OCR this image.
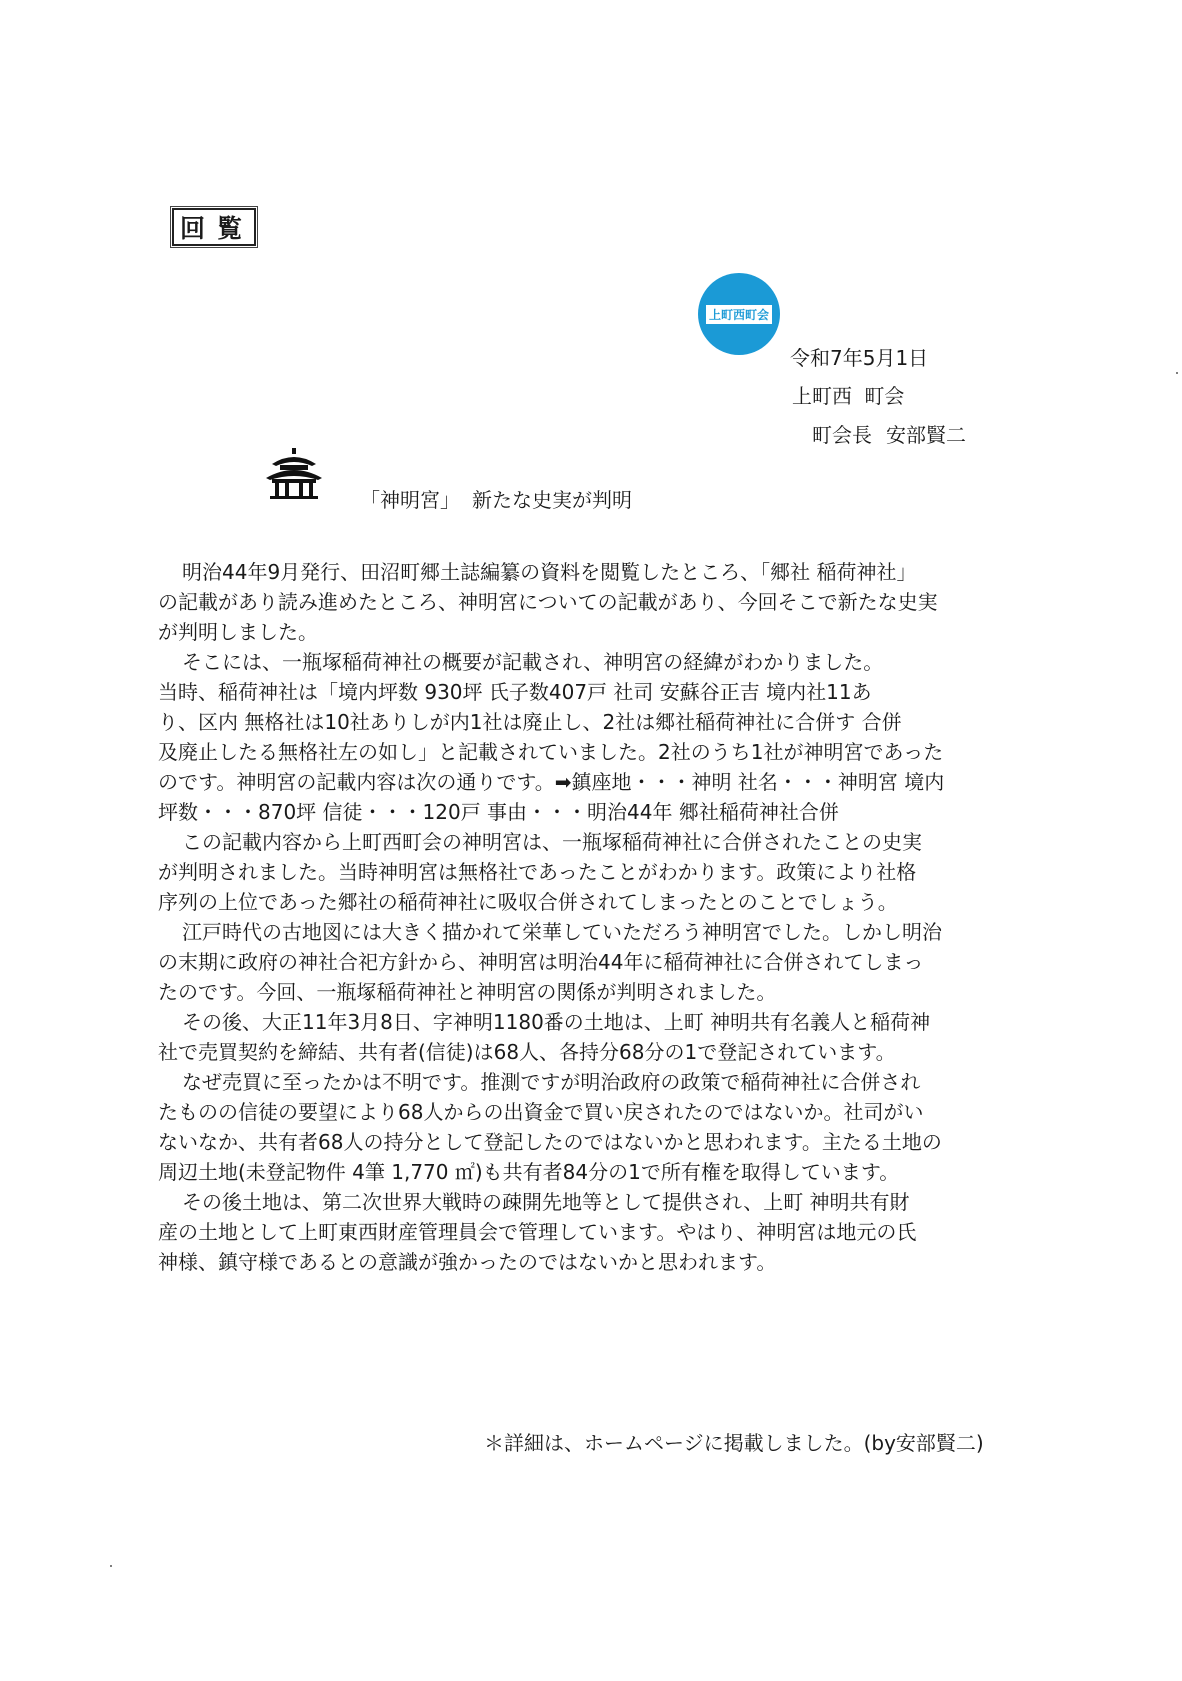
回覧
上町西町会
令和7年5月1日
上町西 町会
町会長 安部賢二
「神明宮」 新たな史実が判明

明治44年9月発行、田沼町郷土誌編纂の資料を閲覧したところ、「郷社 稲荷神社」

の記載があり読み進めたところ、神明宮についての記載があり、今回そこで新たな史実

が判明しました。

そこには、一瓶塚稲荷神社の概要が記載され、神明宮の経緯がわかりました。

当時、稲荷神社は「境内坪数 930坪 氏子数407戸 社司 安蘇谷正吉 境内社11あ

り、区内 無格社は10社ありしが内1社は廃止し、2社は郷社稲荷神社に合併す 合併

及廃止したる無格社左の如し」と記載されていました。2社のうち1社が神明宮であった

のです。神明宮の記載内容は次の通りです。➡鎮座地・・・神明 社名・・・神明宮 境内

坪数・・・870坪 信徒・・・120戸 事由・・・明治44年 郷社稲荷神社合併

この記載内容から上町西町会の神明宮は、一瓶塚稲荷神社に合併されたことの史実

が判明されました。当時神明宮は無格社であったことがわかります。政策により社格

序列の上位であった郷社の稲荷神社に吸収合併されてしまったとのことでしょう。

江戸時代の古地図には大きく描かれて栄華していただろう神明宮でした。しかし明治

の末期に政府の神社合祀方針から、神明宮は明治44年に稲荷神社に合併されてしまっ

たのです。今回、一瓶塚稲荷神社と神明宮の関係が判明されました。

その後、大正11年3月8日、字神明1180番の土地は、上町 神明共有名義人と稲荷神

社で売買契約を締結、共有者(信徒)は68人、各持分68分の1で登記されています。

なぜ売買に至ったかは不明です。推測ですが明治政府の政策で稲荷神社に合併され

たものの信徒の要望により68人からの出資金で買い戻されたのではないか。社司がい

ないなか、共有者68人の持分として登記したのではないかと思われます。主たる土地の

周辺土地(未登記物件 4筆 1,770 ㎡)も共有者84分の1で所有権を取得しています。

その後土地は、第二次世界大戦時の疎開先地等として提供され、上町 神明共有財

産の土地として上町東西財産管理員会で管理しています。やはり、神明宮は地元の氏

神様、鎮守様であるとの意識が強かったのではないかと思われます。

＊詳細は、ホームページに掲載しました。(by安部賢二)
